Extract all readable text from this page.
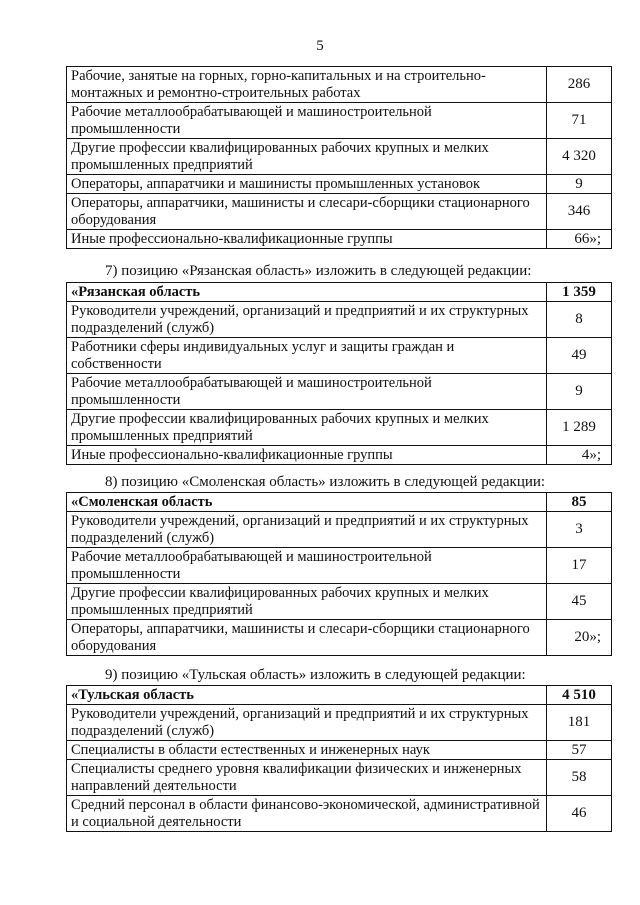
5
Рабочие, занятые на горных, горно-капитальных и на строительно-монтажных и ремонтно-строительных работах	286
Рабочие металлообрабатывающей и машиностроительной промышленности	71
Другие профессии квалифицированных рабочих крупных и мелких промышленных предприятий	4 320
Операторы, аппаратчики и машинисты промышленных установок	9
Операторы, аппаратчики, машинисты и слесари-сборщики стационарного оборудования	346
Иные профессионально-квалификационные группы	66»;
7) позицию «Рязанская область» изложить в следующей редакции:
«Рязанская область	1 359
Руководители учреждений, организаций и предприятий и их структурных подразделений (служб)	8
Работники сферы индивидуальных услуг и защиты граждан и собственности	49
Рабочие металлообрабатывающей и машиностроительной промышленности	9
Другие профессии квалифицированных рабочих крупных и мелких промышленных предприятий	1 289
Иные профессионально-квалификационные группы	4»;
8) позицию «Смоленская область» изложить в следующей редакции:
«Смоленская область	85
Руководители учреждений, организаций и предприятий и их структурных подразделений (служб)	3
Рабочие металлообрабатывающей и машиностроительной промышленности	17
Другие профессии квалифицированных рабочих крупных и мелких промышленных предприятий	45
Операторы, аппаратчики, машинисты и слесари-сборщики стационарного оборудования	20»;
9) позицию «Тульская область» изложить в следующей редакции:
«Тульская область	4 510
Руководители учреждений, организаций и предприятий и их структурных подразделений (служб)	181
Специалисты в области естественных и инженерных наук	57
Специалисты среднего уровня квалификации физических и инженерных направлений деятельности	58
Средний персонал в области финансово-экономической, административной и социальной деятельности	46
